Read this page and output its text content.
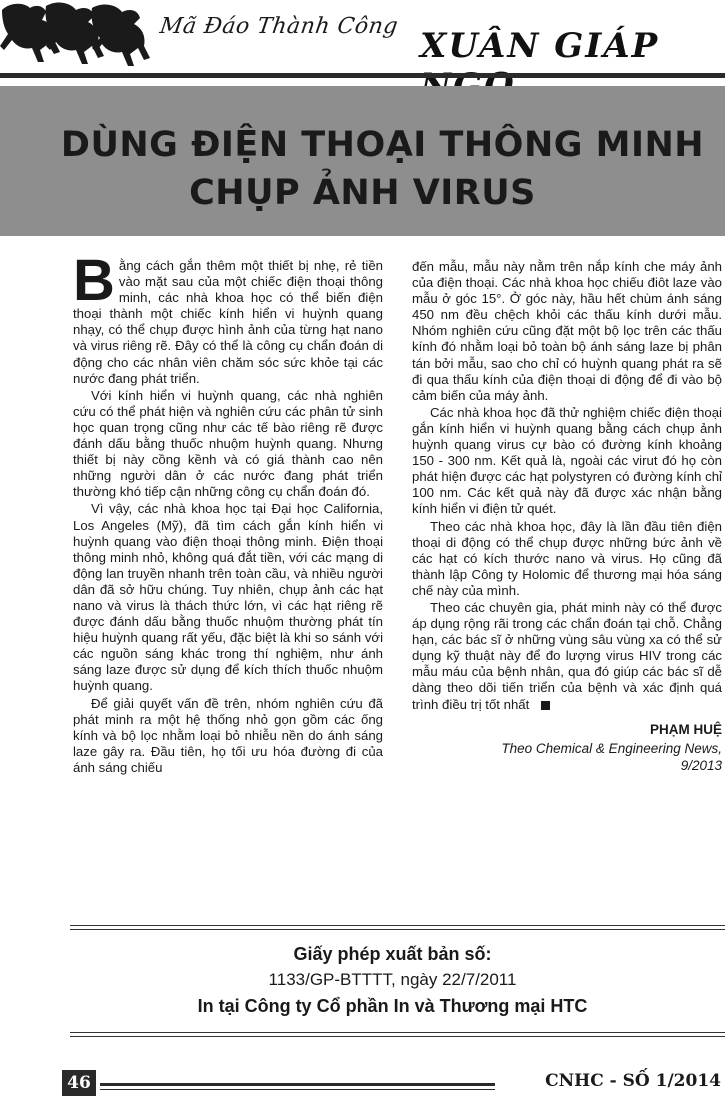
Mã Đáo Thành Công XUÂN GIÁP
DÙNG ĐIỆN THOẠI THÔNG MINH
CHỤP ẢNH VIRUS

Bằng cách gắn thêm một thiết bị nhẹ, rẻ tiền vào mặt sau của một chiếc điện thoại thông minh, các nhà khoa học có thể biến điện thoại thành một chiếc kính hiển vi huỳnh quang nhạy, có thể chụp được hình ảnh của từng hạt nano và virus riêng rẽ. Đây có thể là công cụ chẩn đoán di động cho các nhân viên chăm sóc sức khỏe tại các nước đang phát triển.

Với kính hiển vi huỳnh quang, các nhà nghiên cứu có thể phát hiện và nghiên cứu các phân tử sinh học quan trọng cũng như các tế bào riêng rẽ được đánh dấu bằng thuốc nhuộm huỳnh quang. Nhưng thiết bị này cồng kềnh và có giá thành cao nên những người dân ở các nước đang phát triển thường khó tiếp cận những công cụ chẩn đoán đó.

Vì vậy, các nhà khoa học tại Đại học California, Los Angeles (Mỹ), đã tìm cách gắn kính hiển vi huỳnh quang vào điện thoại thông minh. Điện thoại thông minh nhỏ, không quá đắt tiền, với các mạng di động lan truyền nhanh trên toàn cầu, và nhiều người dân đã sở hữu chúng. Tuy nhiên, chụp ảnh các hạt nano và virus là thách thức lớn, vì các hạt riêng rẽ được đánh dấu bằng thuốc nhuộm thường phát tín hiệu huỳnh quang rất yếu, đặc biệt là khi so sánh với các nguồn sáng khác trong thí nghiệm, như ánh sáng laze được sử dụng để kích thích thuốc nhuộm huỳnh quang.

Để giải quyết vấn đề trên, nhóm nghiên cứu đã phát minh ra một hệ thống nhỏ gọn gồm các ống kính và bộ lọc nhằm loại bỏ nhiễu nền do ánh sáng laze gây ra. Đầu tiên, họ tối ưu hóa đường đi của ánh sáng chiếu

đến mẫu, mẫu này nằm trên nắp kính che máy ảnh của điện thoại. Các nhà khoa học chiếu điôt laze vào mẫu ở góc 15°. Ở góc này, hầu hết chùm ánh sáng 450 nm đều chệch khỏi các thấu kính dưới mẫu. Nhóm nghiên cứu cũng đặt một bộ lọc trên các thấu kính đó nhằm loại bỏ toàn bộ ánh sáng laze bị phân tán bởi mẫu, sao cho chỉ có huỳnh quang phát ra sẽ đi qua thấu kính của điện thoại di động để đi vào bộ cảm biến của máy ảnh.

Các nhà khoa học đã thử nghiệm chiếc điện thoại gắn kính hiển vi huỳnh quang bằng cách chụp ảnh huỳnh quang virus cự bào có đường kính khoảng 150 - 300 nm. Kết quả là, ngoài các virut đó họ còn phát hiện được các hạt polystyren có đường kính chỉ 100 nm. Các kết quả này đã được xác nhận bằng kính hiển vi điện tử quét.

Theo các nhà khoa học, đây là lần đầu tiên điện thoại di động có thể chụp được những bức ảnh về các hạt có kích thước nano và virus. Họ cũng đã thành lập Công ty Holomic để thương mại hóa sáng chế này của mình.

Theo các chuyên gia, phát minh này có thể được áp dụng rộng rãi trong các chẩn đoán tại chỗ. Chẳng hạn, các bác sĩ ở những vùng sâu vùng xa có thể sử dụng kỹ thuật này để đo lượng virus HIV trong các mẫu máu của bệnh nhân, qua đó giúp các bác sĩ dễ dàng theo dõi tiến triển của bệnh và xác định quá trình điều trị tốt nhất

PHẠM HUỆ
Theo Chemical & Engineering News,
9/2013
Giấy phép xuất bản số:
1133/GP-BTTTT, ngày 22/7/2011
In tại Công ty Cổ phần In và Thương mại HTC
46	CNHC - SỐ 1/2014
